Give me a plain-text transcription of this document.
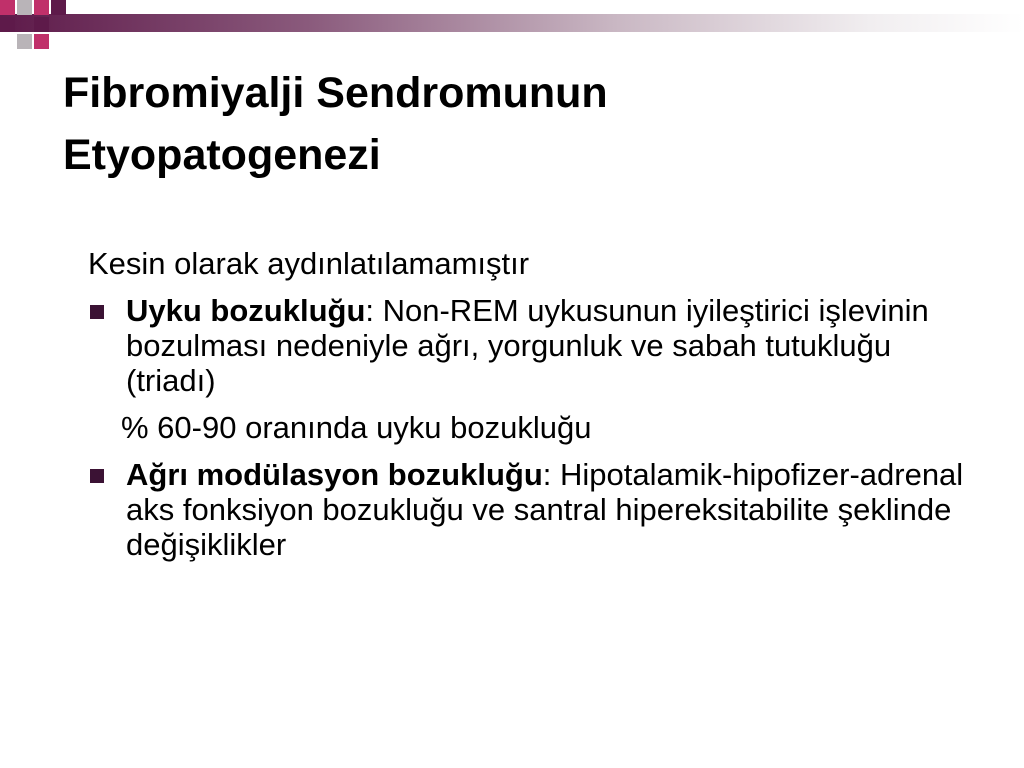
Fibromiyalji Sendromunun
Etyopatogenezi

Kesin olarak aydınlatılamamıştır

Uyku bozukluğu: Non-REM uykusunun iyileştirici işlevinin bozulması nedeniyle ağrı, yorgunluk ve sabah tutukluğu (triadı)

% 60-90 oranında uyku bozukluğu

Ağrı modülasyon bozukluğu: Hipotalamik-hipofizer-adrenal aks fonksiyon bozukluğu ve santral hipereksitabilite şeklinde değişiklikler
